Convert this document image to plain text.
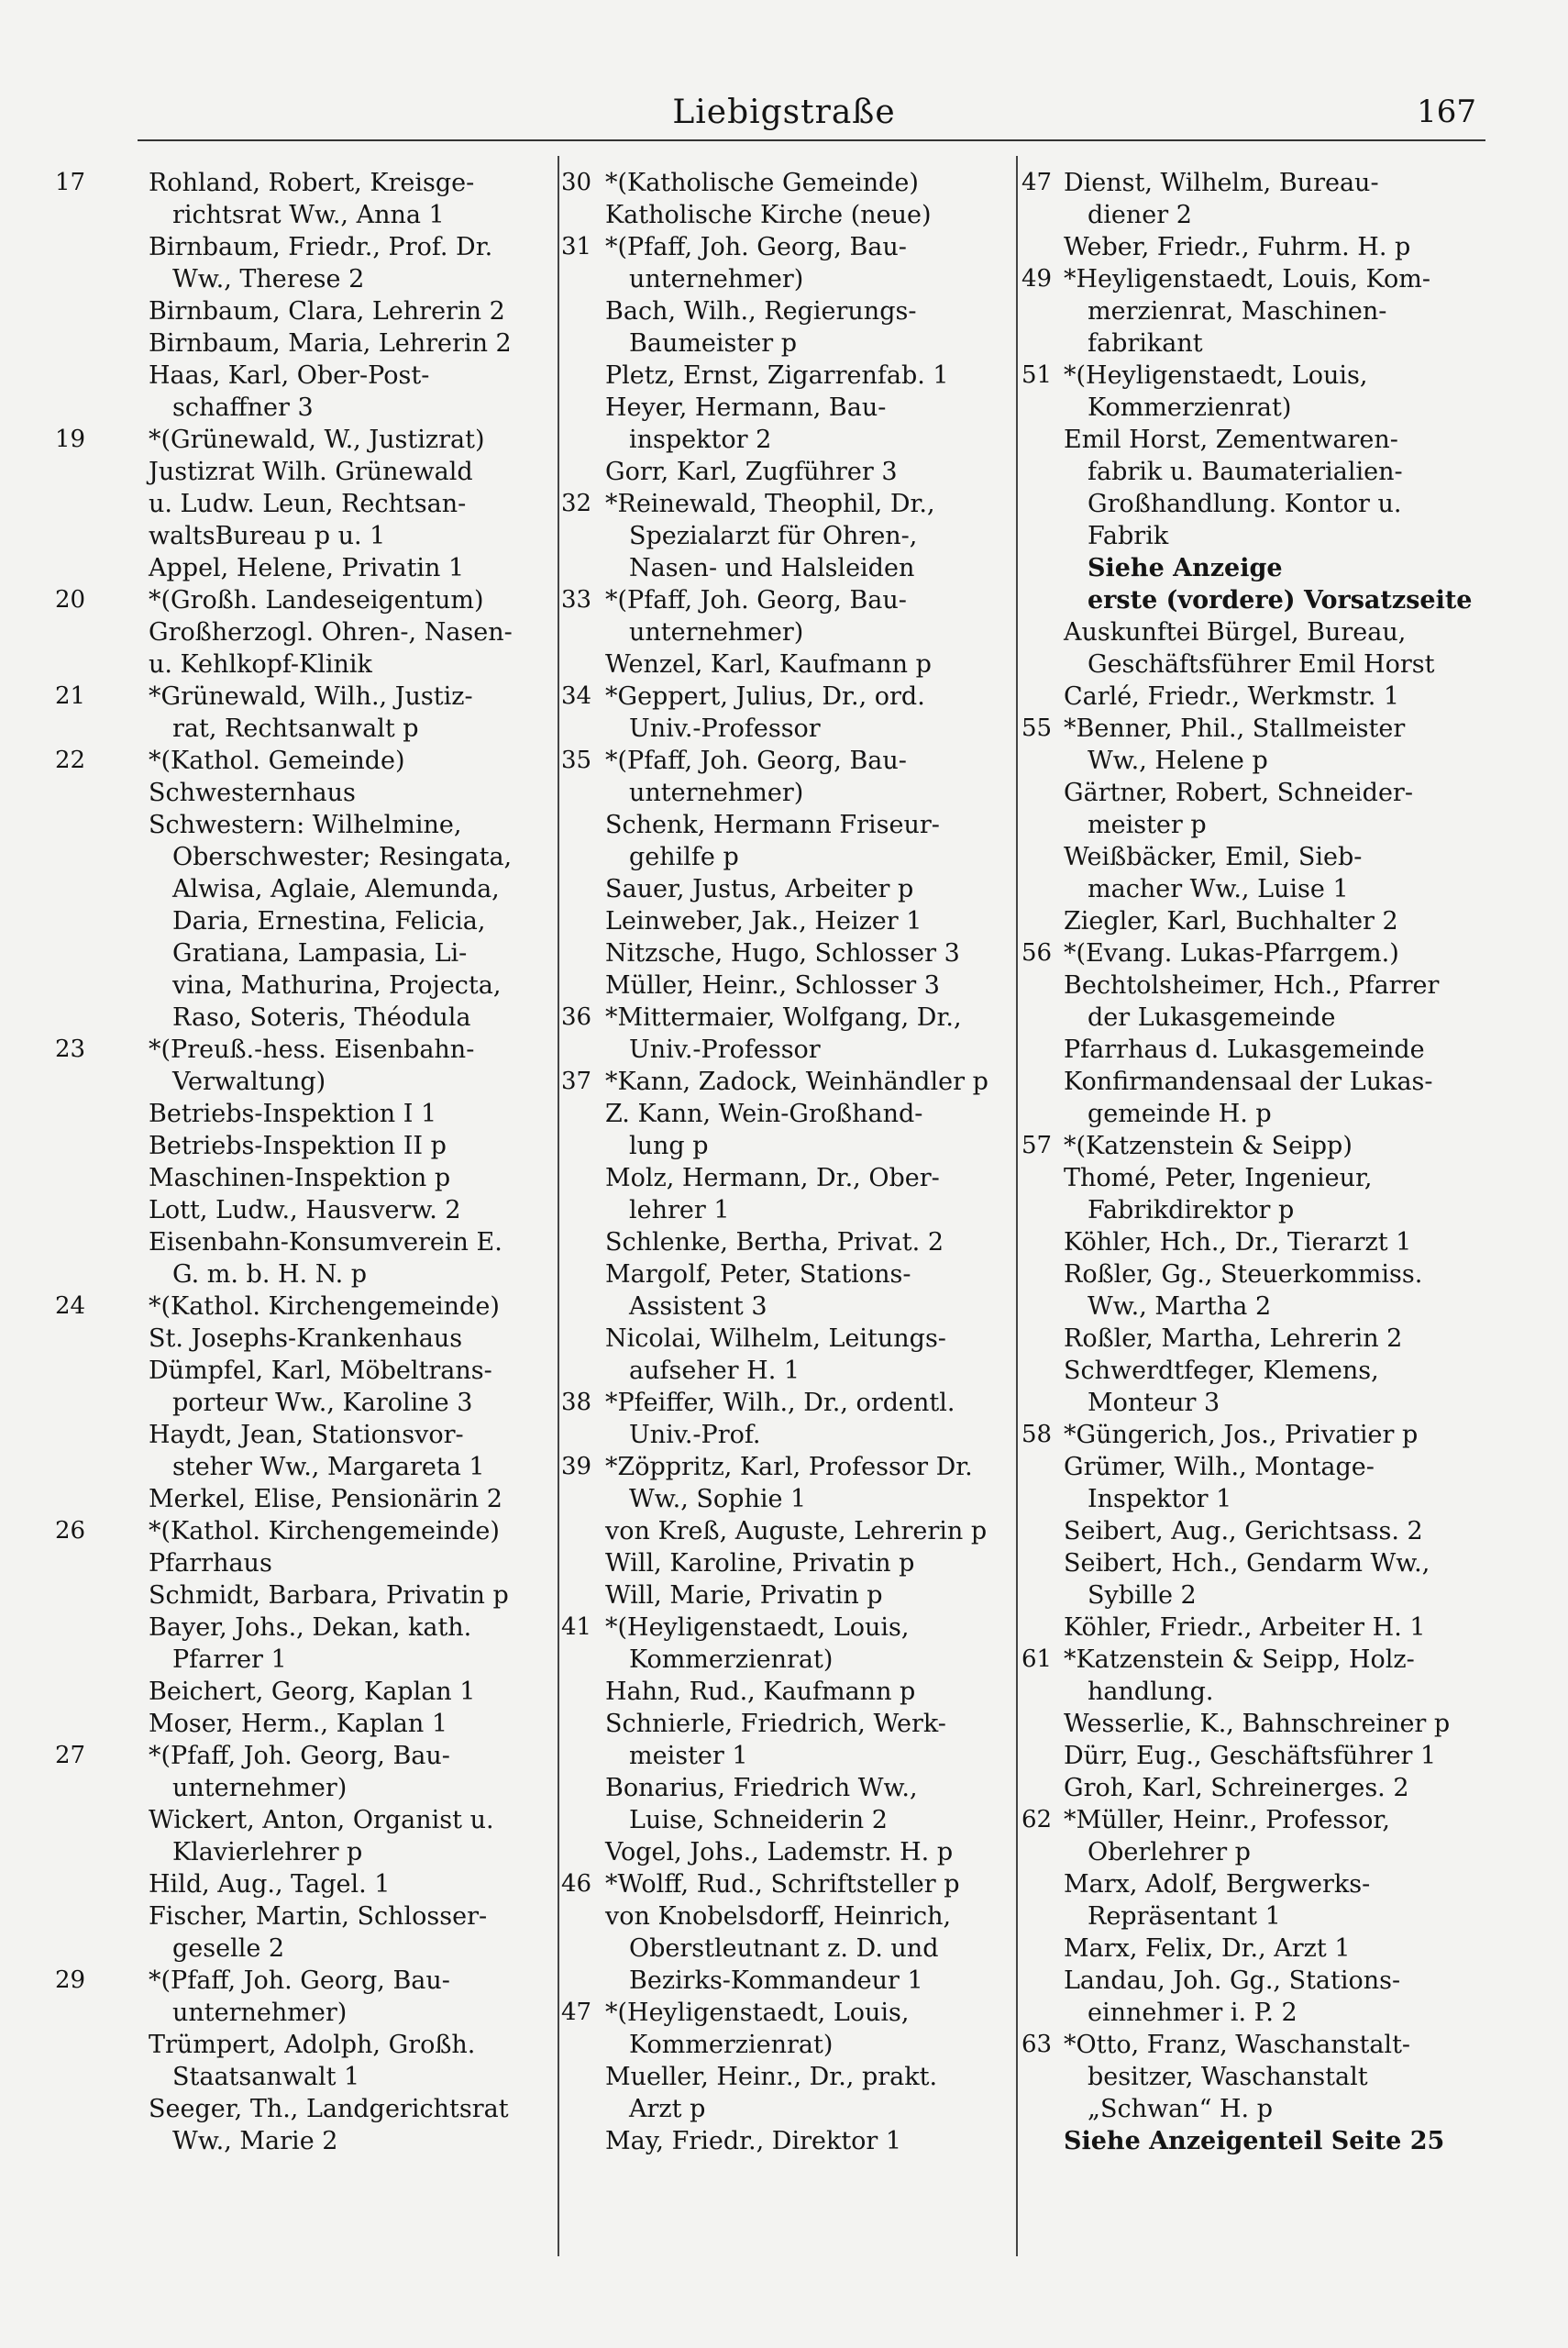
Liebigstraße	167
17	Rohland, Robert, Kreisge-
richtsrat Ww., Anna 1
Birnbaum, Friedr., Prof. Dr.
Ww., Therese 2
Birnbaum, Clara, Lehrerin 2
Birnbaum, Maria, Lehrerin 2
Haas, Karl, Ober-Post-
schaffner 3
19	*(Grünewald, W., Justizrat)
Justizrat Wilh. Grünewald
u. Ludw. Leun, Rechtsan-
waltsBureau p u. 1
Appel, Helene, Privatin 1
20	*(Großh. Landeseigentum)
Großherzogl. Ohren-, Nasen-
u. Kehlkopf-Klinik
21	*Grünewald, Wilh., Justiz-
rat, Rechtsanwalt p
22	*(Kathol. Gemeinde)
Schwesternhaus
Schwestern: Wilhelmine,
Oberschwester; Resingata,
Alwisa, Aglaie, Alemunda,
Daria, Ernestina, Felicia,
Gratiana, Lampasia, Li-
vina, Mathurina, Projecta,
Raso, Soteris, Théodula
23	*(Preuß.-hess. Eisenbahn-
Verwaltung)
Betriebs-Inspektion I 1
Betriebs-Inspektion II p
Maschinen-Inspektion p
Lott, Ludw., Hausverw. 2
Eisenbahn-Konsumverein E.
G. m. b. H. N. p
24	*(Kathol. Kirchengemeinde)
St. Josephs-Krankenhaus
Dümpfel, Karl, Möbeltrans-
porteur Ww., Karoline 3
Haydt, Jean, Stationsvor-
steher Ww., Margareta 1
Merkel, Elise, Pensionärin 2
26	*(Kathol. Kirchengemeinde)
Pfarrhaus
Schmidt, Barbara, Privatin p
Bayer, Johs., Dekan, kath.
Pfarrer 1
Beichert, Georg, Kaplan 1
Moser, Herm., Kaplan 1
27	*(Pfaff, Joh. Georg, Bau-
unternehmer)
Wickert, Anton, Organist u.
Klavierlehrer p
Hild, Aug., Tagel. 1
Fischer, Martin, Schlosser-
geselle 2
29	*(Pfaff, Joh. Georg, Bau-
unternehmer)
Trümpert, Adolph, Großh.
Staatsanwalt 1
Seeger, Th., Landgerichtsrat
Ww., Marie 2
30 *(Katholische Gemeinde)
Katholische Kirche (neue)
31 *(Pfaff, Joh. Georg, Bau-
unternehmer)
Bach, Wilh., Regierungs-
Baumeister p
Pletz, Ernst, Zigarrenfab. 1
Heyer, Hermann, Bau-
inspektor 2
Gorr, Karl, Zugführer 3
32 *Reinewald, Theophil, Dr.,
Spezialarzt für Ohren-,
Nasen- und Halsleiden
33 *(Pfaff, Joh. Georg, Bau-
unternehmer)
Wenzel, Karl, Kaufmann p
34 *Geppert, Julius, Dr., ord.
Univ.-Professor
35 *(Pfaff, Joh. Georg, Bau-
unternehmer)
Schenk, Hermann Friseur-
gehilfe p
Sauer, Justus, Arbeiter p
Leinweber, Jak., Heizer 1
Nitzsche, Hugo, Schlosser 3
Müller, Heinr., Schlosser 3
36 *Mittermaier, Wolfgang, Dr.,
Univ.-Professor
37 *Kann, Zadock, Weinhändler p
Z. Kann, Wein-Großhand-
lung p
Molz, Hermann, Dr., Ober-
lehrer 1
Schlenke, Bertha, Privat. 2
Margolf, Peter, Stations-
Assistent 3
Nicolai, Wilhelm, Leitungs-
aufseher H. 1
38 *Pfeiffer, Wilh., Dr., ordentl.
Univ.-Prof.
39 *Zöppritz, Karl, Professor Dr.
Ww., Sophie 1
von Kreß, Auguste, Lehrerin p
Will, Karoline, Privatin p
Will, Marie, Privatin p
41 *(Heyligenstaedt, Louis,
Kommerzienrat)
Hahn, Rud., Kaufmann p
Schnierle, Friedrich, Werk-
meister 1
Bonarius, Friedrich Ww.,
Luise, Schneiderin 2
Vogel, Johs., Lademstr. H. p
46 *Wolff, Rud., Schriftsteller p
von Knobelsdorff, Heinrich,
Oberstleutnant z. D. und
Bezirks-Kommandeur 1
47 *(Heyligenstaedt, Louis,
Kommerzienrat)
Mueller, Heinr., Dr., prakt.
Arzt p
May, Friedr., Direktor 1
47 Dienst, Wilhelm, Bureau-
diener 2
Weber, Friedr., Fuhrm. H. p
49 *Heyligenstaedt, Louis, Kom-
merzienrat, Maschinen-
fabrikant
51 *(Heyligenstaedt, Louis,
Kommerzienrat)
Emil Horst, Zementwaren-
fabrik u. Baumaterialien-
Großhandlung. Kontor u.
Fabrik
Siehe Anzeige
erste (vordere) Vorsatzseite
Auskunftei Bürgel, Bureau,
Geschäftsführer Emil Horst
Carlé, Friedr., Werkmstr. 1
55 *Benner, Phil., Stallmeister
Ww., Helene p
Gärtner, Robert, Schneider-
meister p
Weißbäcker, Emil, Sieb-
macher Ww., Luise 1
Ziegler, Karl, Buchhalter 2
56 *(Evang. Lukas-Pfarrgem.)
Bechtolsheimer, Hch., Pfarrer
der Lukasgemeinde
Pfarrhaus d. Lukasgemeinde
Konfirmandensaal der Lukas-
gemeinde H. p
57 *(Katzenstein & Seipp)
Thomé, Peter, Ingenieur,
Fabrikdirektor p
Köhler, Hch., Dr., Tierarzt 1
Roßler, Gg., Steuerkommiss.
Ww., Martha 2
Roßler, Martha, Lehrerin 2
Schwerdtfeger, Klemens,
Monteur 3
58 *Güngerich, Jos., Privatier p
Grümer, Wilh., Montage-
Inspektor 1
Seibert, Aug., Gerichtsass. 2
Seibert, Hch., Gendarm Ww.,
Sybille 2
Köhler, Friedr., Arbeiter H. 1
61 *Katzenstein & Seipp, Holz-
handlung.
Wesserlie, K., Bahnschreiner p
Dürr, Eug., Geschäftsführer 1
Groh, Karl, Schreinerges. 2
62 *Müller, Heinr., Professor,
Oberlehrer p
Marx, Adolf, Bergwerks-
Repräsentant 1
Marx, Felix, Dr., Arzt 1
Landau, Joh. Gg., Stations-
einnehmer i. P. 2
63 *Otto, Franz, Waschanstalt-
besitzer, Waschanstalt
„Schwan“ H. p
Siehe Anzeigenteil Seite 25
